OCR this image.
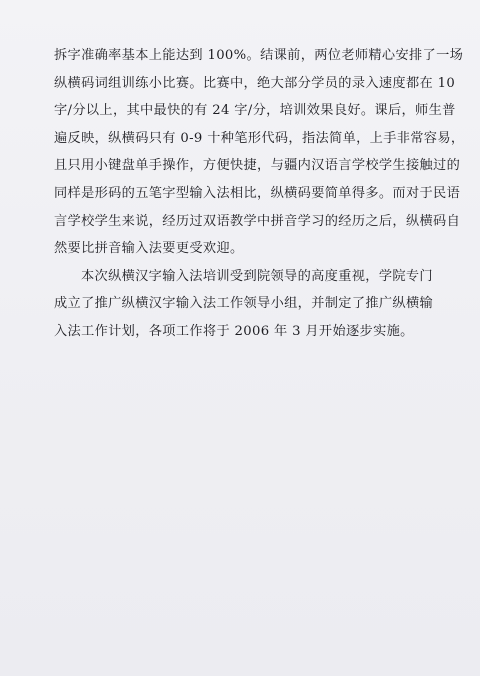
拆字准确率基本上能达到 100%。结课前，两位老师精心安排了一场
纵横码词组训练小比赛。比赛中，绝大部分学员的录入速度都在 10
字/分以上，其中最快的有 24 字/分，培训效果良好。课后，师生普
遍反映，纵横码只有 0-9 十种笔形代码，指法简单，上手非常容易，
且只用小键盘单手操作，方便快捷，与疆内汉语言学校学生接触过的
同样是形码的五笔字型输入法相比，纵横码要简单得多。而对于民语
言学校学生来说，经历过双语教学中拼音学习的经历之后，纵横码自
然要比拼音输入法要更受欢迎。

本次纵横汉字输入法培训受到院领导的高度重视，学院专门
成立了推广纵横汉字输入法工作领导小组，并制定了推广纵横输
入法工作计划，各项工作将于 2006 年 3 月开始逐步实施。
